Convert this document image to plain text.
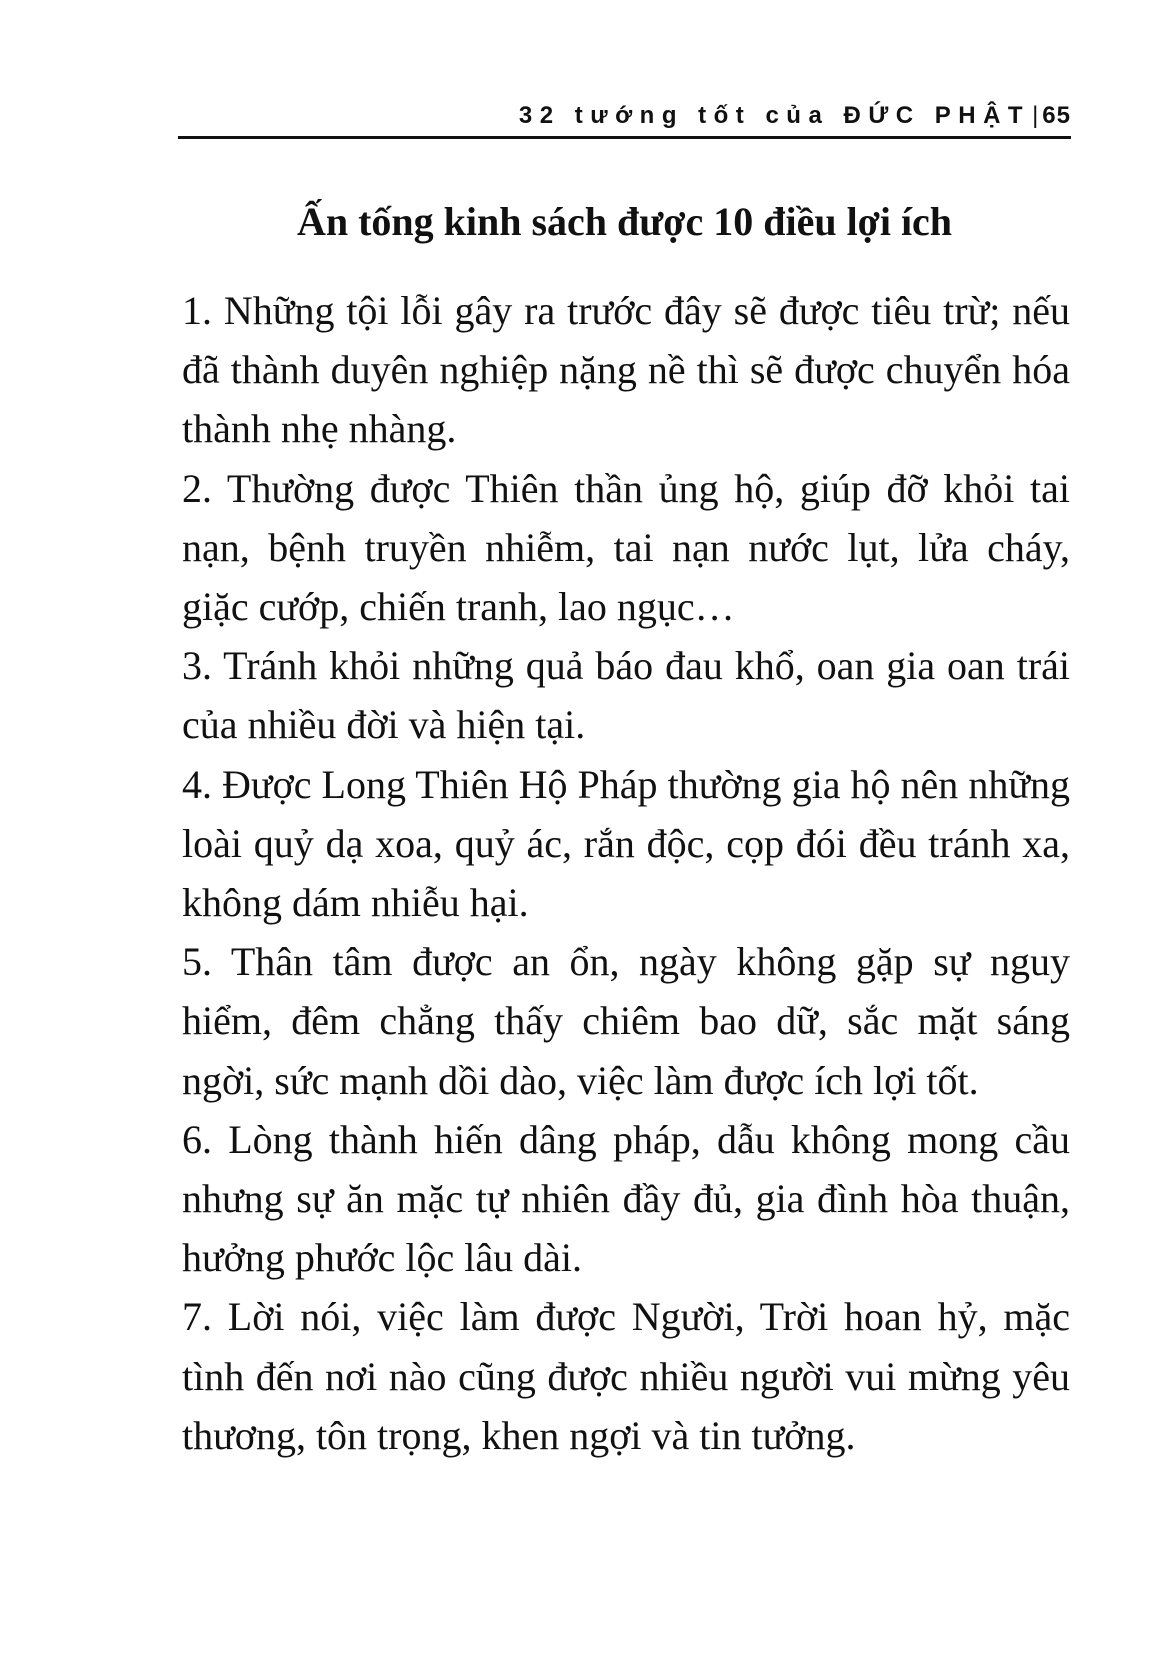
32 tướng tốt của ĐỨC PHẬT | 65
Ấn tống kinh sách được 10 điều lợi ích
1. Những tội lỗi gây ra trước đây sẽ được tiêu trừ; nếu đã thành duyên nghiệp nặng nề thì sẽ được chuyển hóa thành nhẹ nhàng.
2. Thường được Thiên thần ủng hộ, giúp đỡ khỏi tai nạn, bệnh truyền nhiễm, tai nạn nước lụt, lửa cháy, giặc cướp, chiến tranh, lao ngục…
3. Tránh khỏi những quả báo đau khổ, oan gia oan trái của nhiều đời và hiện tại.
4. Được Long Thiên Hộ Pháp thường gia hộ nên những loài quỷ dạ xoa, quỷ ác, rắn độc, cọp đói đều tránh xa, không dám nhiễu hại.
5. Thân tâm được an ổn, ngày không gặp sự nguy hiểm, đêm chẳng thấy chiêm bao dữ, sắc mặt sáng ngời, sức mạnh dồi dào, việc làm được ích lợi tốt.
6. Lòng thành hiến dâng pháp, dẫu không mong cầu nhưng sự ăn mặc tự nhiên đầy đủ, gia đình hòa thuận, hưởng phước lộc lâu dài.
7. Lời nói, việc làm được Người, Trời hoan hỷ, mặc tình đến nơi nào cũng được nhiều người vui mừng yêu thương, tôn trọng, khen ngợi và tin tưởng.
